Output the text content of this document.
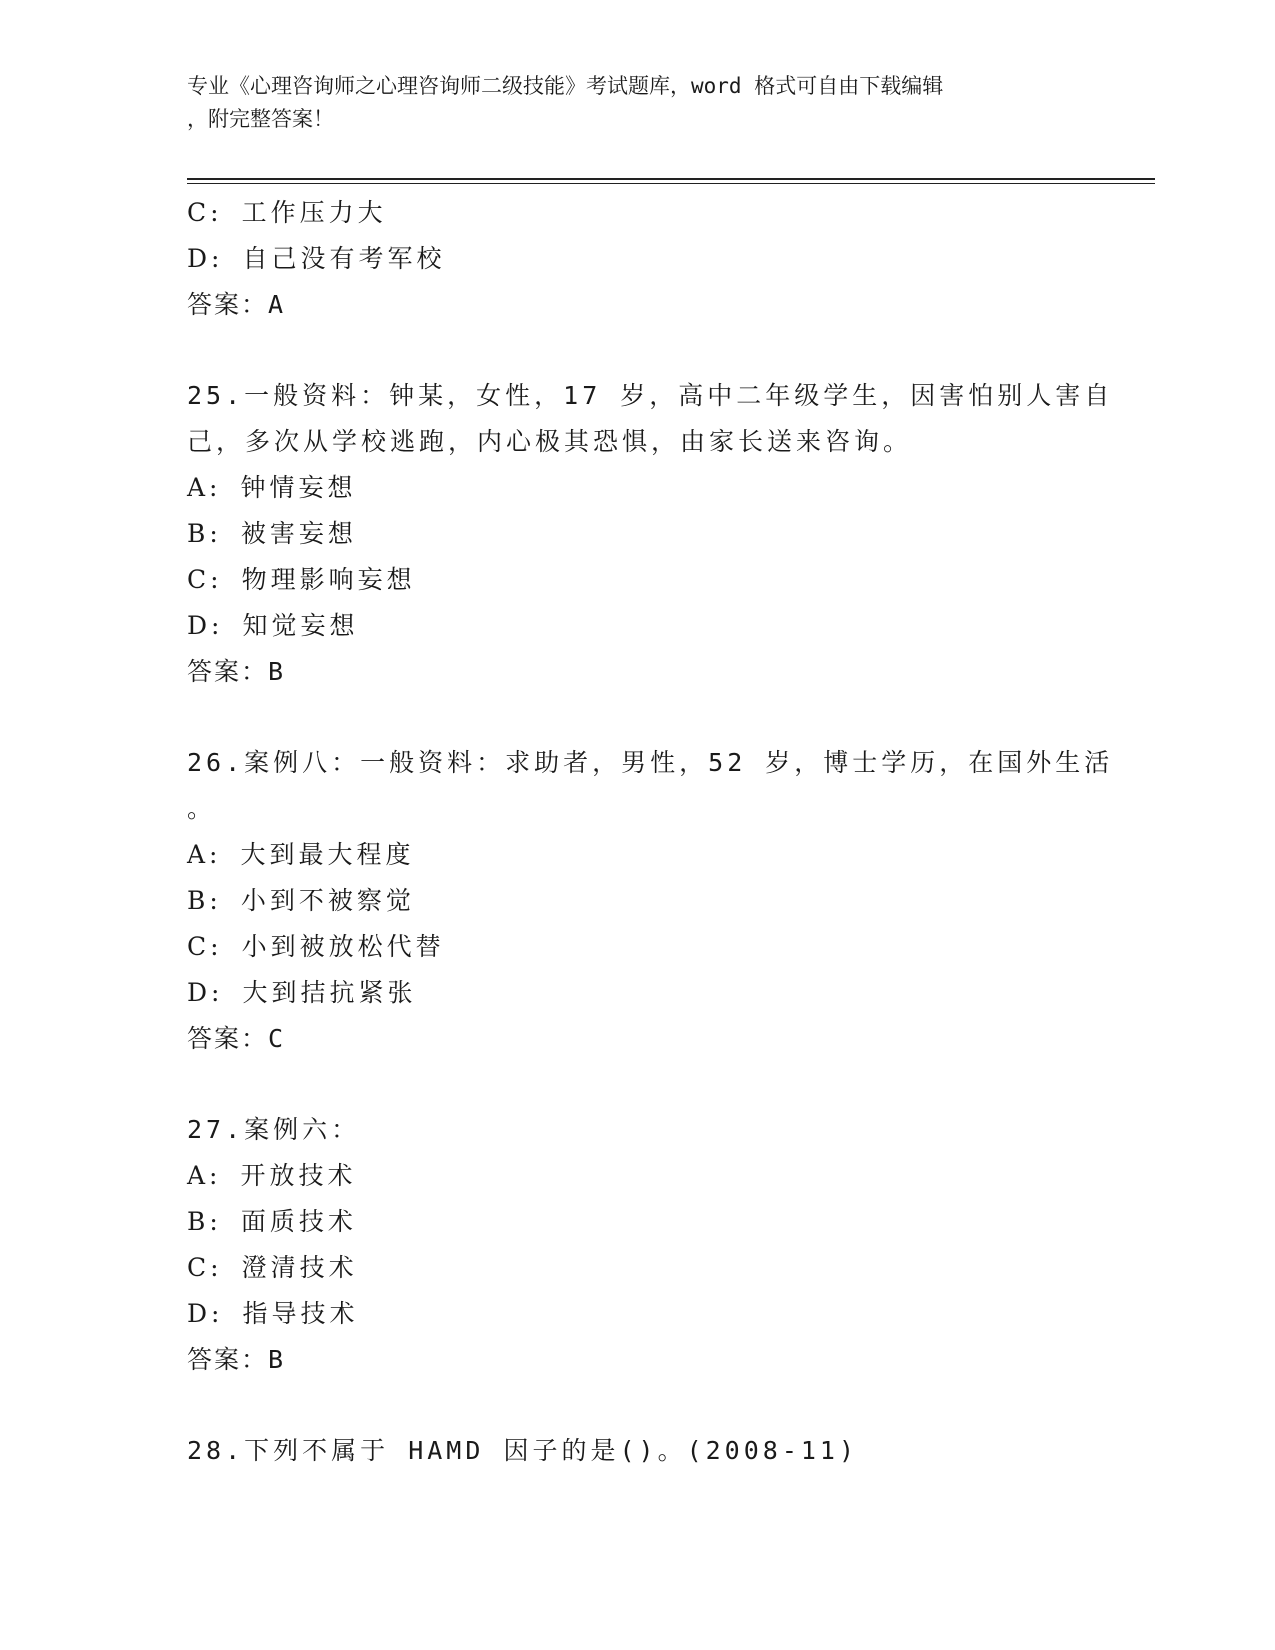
专业《心理咨询师之心理咨询师二级技能》考试题库，word 格式可自由下载编辑
，附完整答案！
C: 工作压力大
D: 自己没有考军校
答案：A
25.一般资料：钟某，女性，17 岁，高中二年级学生，因害怕别人害自
己，多次从学校逃跑，内心极其恐惧，由家长送来咨询。
A: 钟情妄想
B: 被害妄想
C: 物理影响妄想
D: 知觉妄想
答案：B
26.案例八：一般资料：求助者，男性，52 岁，博士学历，在国外生活
。
A: 大到最大程度
B: 小到不被察觉
C: 小到被放松代替
D: 大到拮抗紧张
答案：C
27.案例六：
A: 开放技术
B: 面质技术
C: 澄清技术
D: 指导技术
答案：B
28.下列不属于 HAMD 因子的是()。(2008-11)
